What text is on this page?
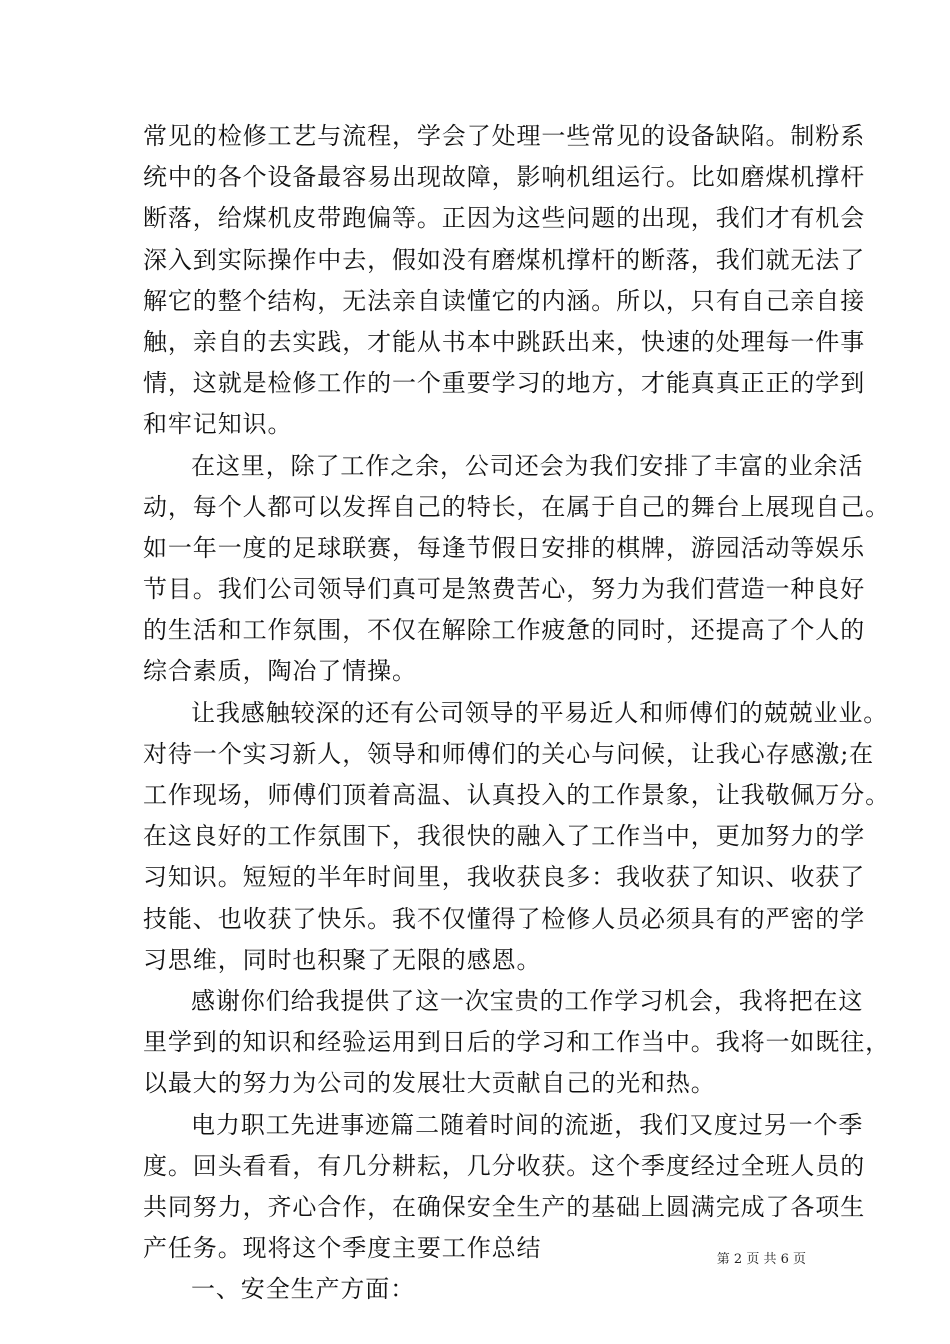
常见的检修工艺与流程，学会了处理一些常见的设备缺陷。制粉系
统中的各个设备最容易出现故障，影响机组运行。比如磨煤机撑杆
断落，给煤机皮带跑偏等。正因为这些问题的出现，我们才有机会
深入到实际操作中去，假如没有磨煤机撑杆的断落，我们就无法了
解它的整个结构，无法亲自读懂它的内涵。所以，只有自己亲自接
触，亲自的去实践，才能从书本中跳跃出来，快速的处理每一件事
情，这就是检修工作的一个重要学习的地方，才能真真正正的学到
和牢记知识。
在这里，除了工作之余，公司还会为我们安排了丰富的业余活
动，每个人都可以发挥自己的特长，在属于自己的舞台上展现自己。
如一年一度的足球联赛，每逢节假日安排的棋牌，游园活动等娱乐
节目。我们公司领导们真可是煞费苦心，努力为我们营造一种良好
的生活和工作氛围，不仅在解除工作疲惫的同时，还提高了个人的
综合素质，陶冶了情操。
让我感触较深的还有公司领导的平易近人和师傅们的兢兢业业。
对待一个实习新人，领导和师傅们的关心与问候，让我心存感激;在
工作现场，师傅们顶着高温、认真投入的工作景象，让我敬佩万分。
在这良好的工作氛围下，我很快的融入了工作当中，更加努力的学
习知识。短短的半年时间里，我收获良多：我收获了知识、收获了
技能、也收获了快乐。我不仅懂得了检修人员必须具有的严密的学
习思维，同时也积聚了无限的感恩。
感谢你们给我提供了这一次宝贵的工作学习机会，我将把在这
里学到的知识和经验运用到日后的学习和工作当中。我将一如既往，
以最大的努力为公司的发展壮大贡献自己的光和热。
电力职工先进事迹篇二随着时间的流逝，我们又度过另一个季
度。回头看看，有几分耕耘，几分收获。这个季度经过全班人员的
共同努力，齐心合作，在确保安全生产的基础上圆满完成了各项生
产任务。现将这个季度主要工作总结
一、安全生产方面：
第 2 页 共 6 页
